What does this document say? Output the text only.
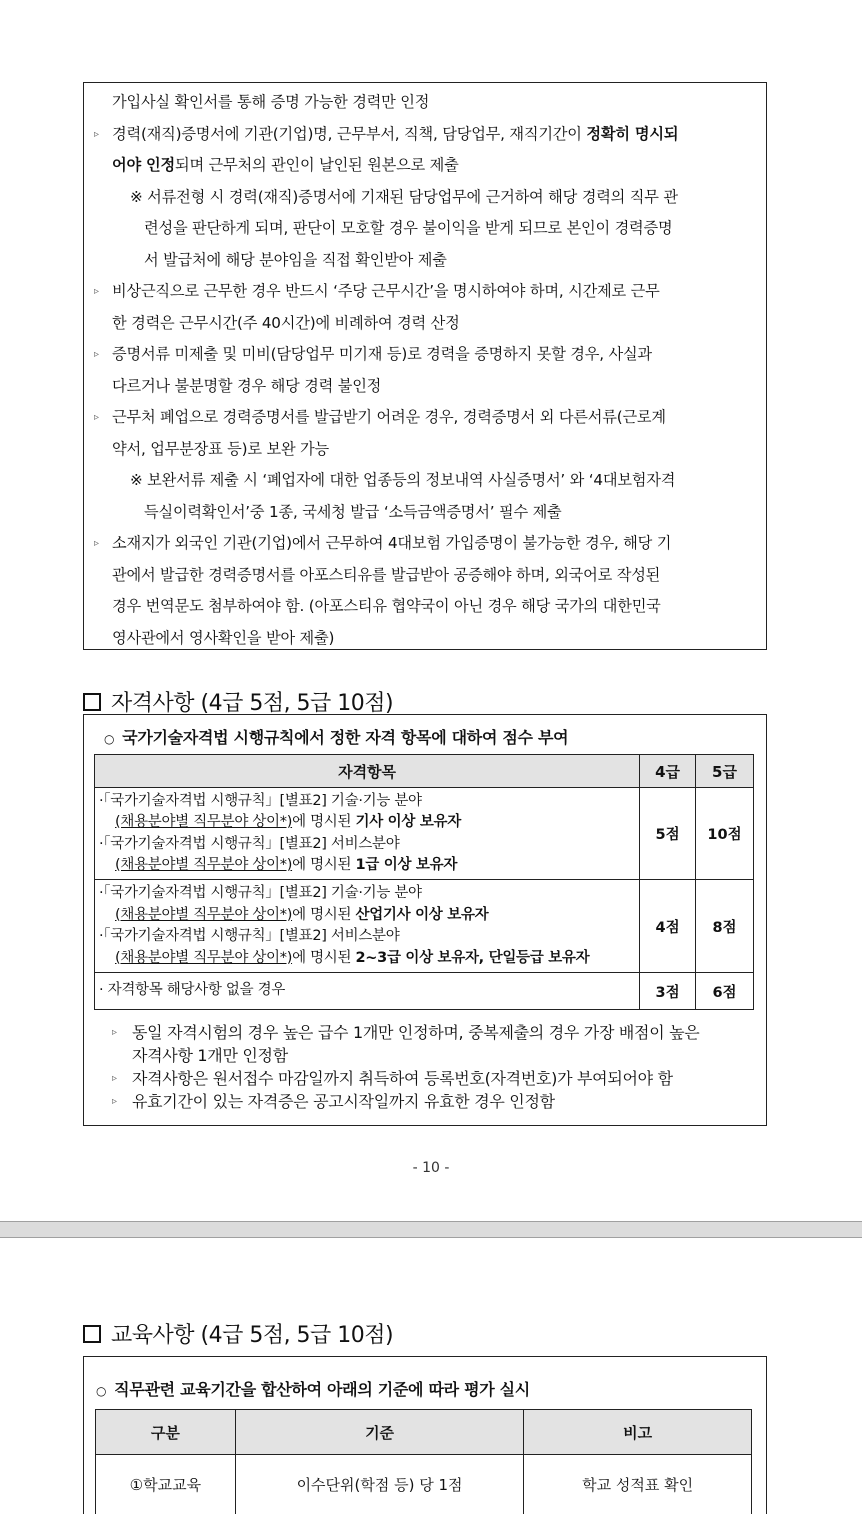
가입사실 확인서를 통해 증명 가능한 경력만 인정
▹ 경력(재직)증명서에 기관(기업)명, 근무부서, 직책, 담당업무, 재직기간이 정확히 명시되
어야 인정되며 근무처의 관인이 날인된 원본으로 제출
※ 서류전형 시 경력(재직)증명서에 기재된 담당업무에 근거하여 해당 경력의 직무 관
련성을 판단하게 되며, 판단이 모호할 경우 불이익을 받게 되므로 본인이 경력증명
서 발급처에 해당 분야임을 직접 확인받아 제출
▹ 비상근직으로 근무한 경우 반드시 ‘주당 근무시간’을 명시하여야 하며, 시간제로 근무
한 경력은 근무시간(주 40시간)에 비례하여 경력 산정
▹ 증명서류 미제출 및 미비(담당업무 미기재 등)로 경력을 증명하지 못할 경우, 사실과
다르거나 불분명할 경우 해당 경력 불인정
▹ 근무처 폐업으로 경력증명서를 발급받기 어려운 경우, 경력증명서 외 다른서류(근로계
약서, 업무분장표 등)로 보완 가능
※ 보완서류 제출 시 ‘폐업자에 대한 업종등의 정보내역 사실증명서’ 와 ‘4대보험자격
득실이력확인서’중 1종, 국세청 발급 ‘소득금액증명서’ 필수 제출
▹ 소재지가 외국인 기관(기업)에서 근무하여 4대보험 가입증명이 불가능한 경우, 해당 기
관에서 발급한 경력증명서를 아포스티유를 발급받아 공증해야 하며, 외국어로 작성된
경우 번역문도 첨부하여야 함. (아포스티유 협약국이 아닌 경우 해당 국가의 대한민국
영사관에서 영사확인을 받아 제출)
자격사항 (4급 5점, 5급 10점)
○ 국가기술자격법 시행규칙에서 정한 자격 항목에 대하여 점수 부여
자격항목	4급	5급

·「국가기술자격법 시행규칙」[별표2] 기술·기능 분야
(채용분야별 직무분야 상이*)에 명시된 기사 이상 보유자
·「국가기술자격법 시행규칙」[별표2] 서비스분야
(채용분야별 직무분야 상이*)에 명시된 1급 이상 보유자	5점	10점

·「국가기술자격법 시행규칙」[별표2] 기술·기능 분야
(채용분야별 직무분야 상이*)에 명시된 산업기사 이상 보유자
·「국가기술자격법 시행규칙」[별표2] 서비스분야
(채용분야별 직무분야 상이*)에 명시된 2~3급 이상 보유자, 단일등급 보유자	4점	8점

· 자격항목 해당사항 없을 경우	3점	6점
▹ 동일 자격시험의 경우 높은 급수 1개만 인정하며, 중복제출의 경우 가장 배점이 높은
자격사항 1개만 인정함
▹ 자격사항은 원서접수 마감일까지 취득하여 등록번호(자격번호)가 부여되어야 함
▹ 유효기간이 있는 자격증은 공고시작일까지 유효한 경우 인정함
- 10 -
교육사항 (4급 5점, 5급 10점)
○ 직무관련 교육기간을 합산하여 아래의 기준에 따라 평가 실시
구분	기준	비고
①학교교육	이수단위(학점 등) 당 1점	학교 성적표 확인
